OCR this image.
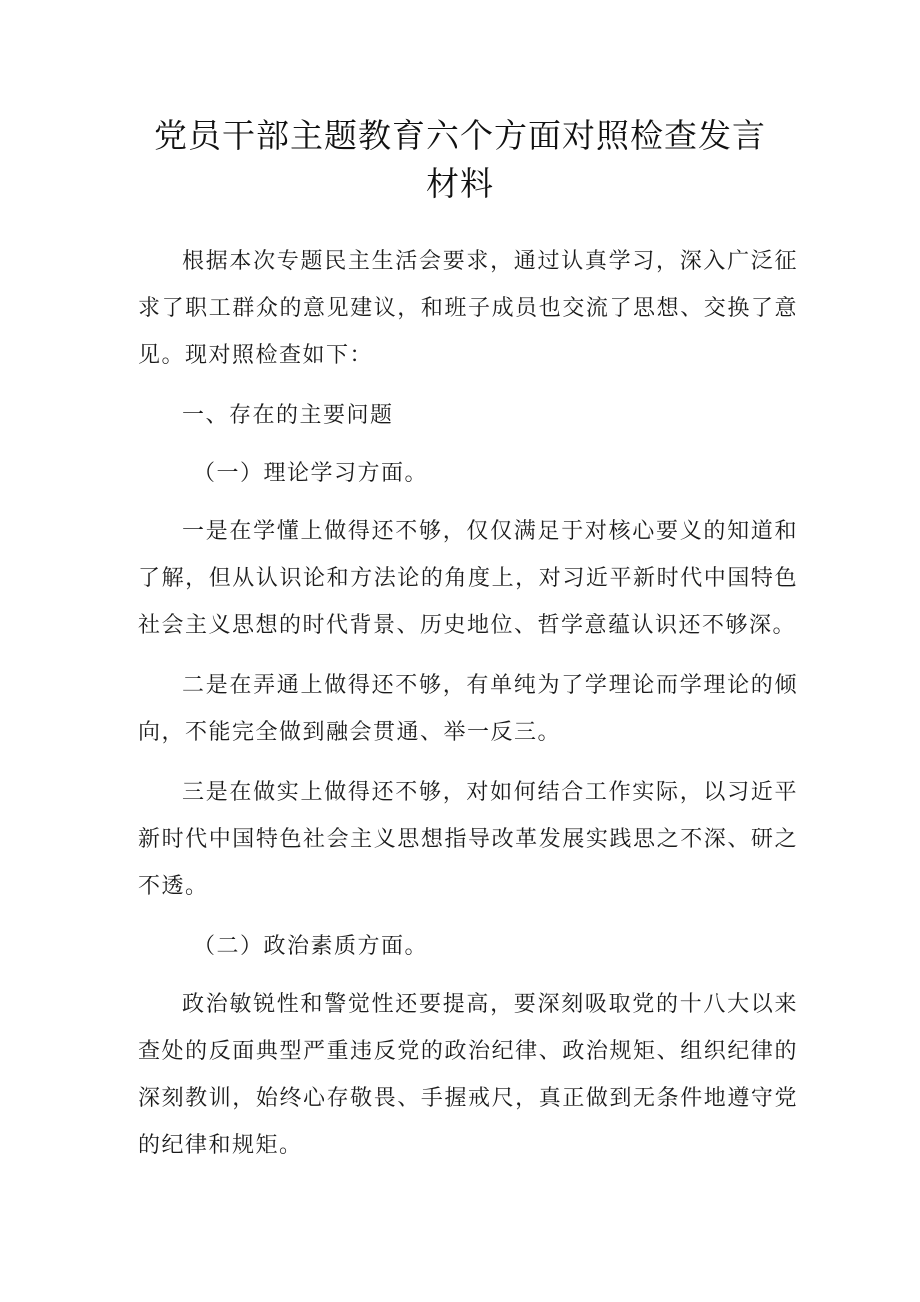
党员干部主题教育六个方面对照检查发言
材料

根据本次专题民主生活会要求，通过认真学习，深入广泛征求了职工群众的意见建议，和班子成员也交流了思想、交换了意见。现对照检查如下：

一、存在的主要问题

（一）理论学习方面。

一是在学懂上做得还不够，仅仅满足于对核心要义的知道和了解，但从认识论和方法论的角度上，对习近平新时代中国特色社会主义思想的时代背景、历史地位、哲学意蕴认识还不够深。

二是在弄通上做得还不够，有单纯为了学理论而学理论的倾向，不能完全做到融会贯通、举一反三。

三是在做实上做得还不够，对如何结合工作实际，以习近平新时代中国特色社会主义思想指导改革发展实践思之不深、研之不透。

（二）政治素质方面。

政治敏锐性和警觉性还要提高，要深刻吸取党的十八大以来查处的反面典型严重违反党的政治纪律、政治规矩、组织纪律的深刻教训，始终心存敬畏、手握戒尺，真正做到无条件地遵守党的纪律和规矩。
